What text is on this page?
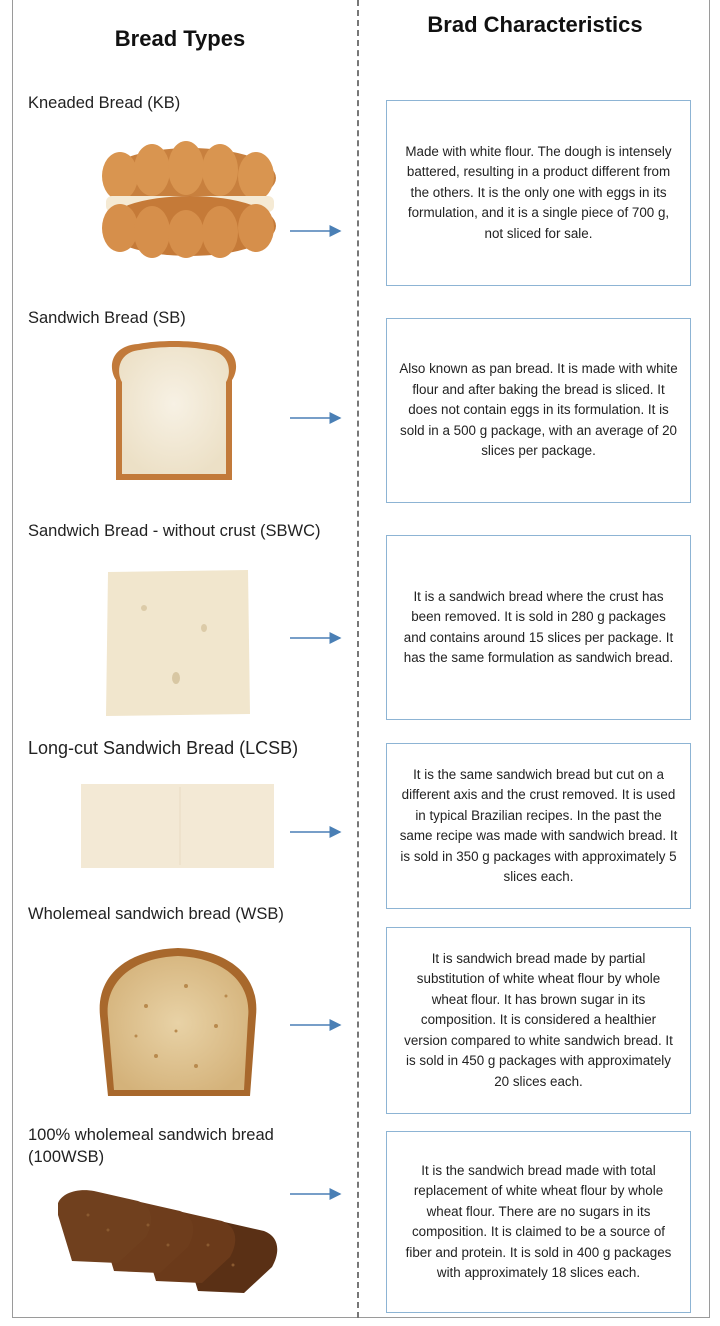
Bread Types
Brad Characteristics
Kneaded Bread (KB)

Made with white flour. The dough is intensely battered, resulting in a product different from the others. It is the only one with eggs in its formulation, and it is a single piece of 700 g, not sliced for sale.

Sandwich Bread (SB)

Also known as pan bread. It is made with white flour and after baking the bread is sliced. It does not contain eggs in its formulation. It is sold in a 500 g package, with an average of 20 slices per package.

Sandwich Bread - without crust (SBWC)

It is a sandwich bread where the crust has been removed. It is sold in 280 g packages and contains around 15 slices per package. It has the same formulation as sandwich bread.

Long-cut Sandwich Bread (LCSB)

It is the same sandwich bread but cut on a different axis and the crust removed. It is used in typical Brazilian recipes. In the past the same recipe was made with sandwich bread. It is sold in 350 g packages with approximately 5 slices each.

Wholemeal sandwich bread (WSB)

It is sandwich bread made by partial substitution of white wheat flour by whole wheat flour. It has brown sugar in its composition. It is considered a healthier version compared to white sandwich bread. It is sold in 450 g packages with approximately 20 slices each.

100% wholemeal sandwich bread (100WSB)

It is the sandwich bread made with total replacement of white wheat flour by whole wheat flour. There are no sugars in its composition. It is claimed to be a source of fiber and protein. It is sold in 400 g packages with approximately 18 slices each.
